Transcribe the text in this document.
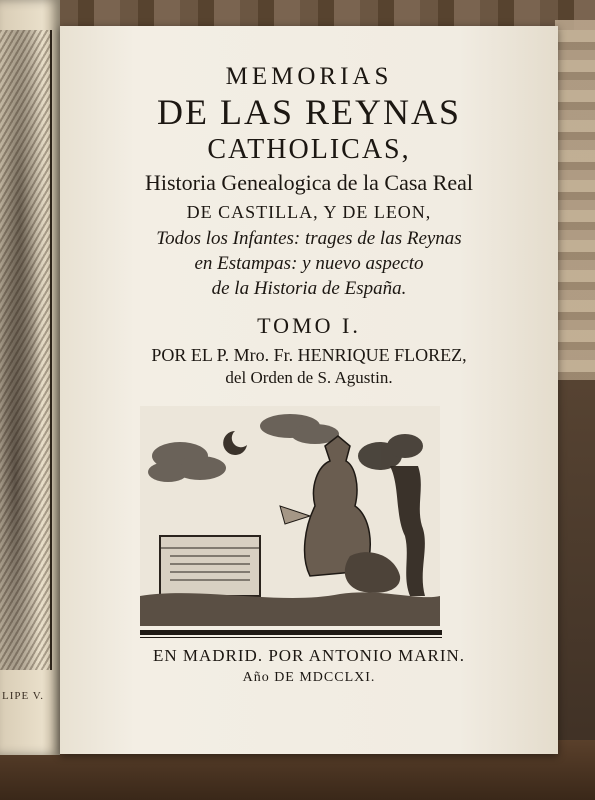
LIPE V.
MEMORIAS
DE LAS REYNAS
CATHOLICAS,
Historia Genealogica de la Casa Real
DE CASTILLA, Y DE LEON,
Todos los Infantes: trages de las Reynas
en Estampas: y nuevo aspecto
de la Historia de España.
TOMO I.
POR EL P. Mro. Fr. HENRIQUE FLOREZ,
del Orden de S. Agustin.
EN MADRID. POR ANTONIO MARIN.
Año DE MDCCLXI.
